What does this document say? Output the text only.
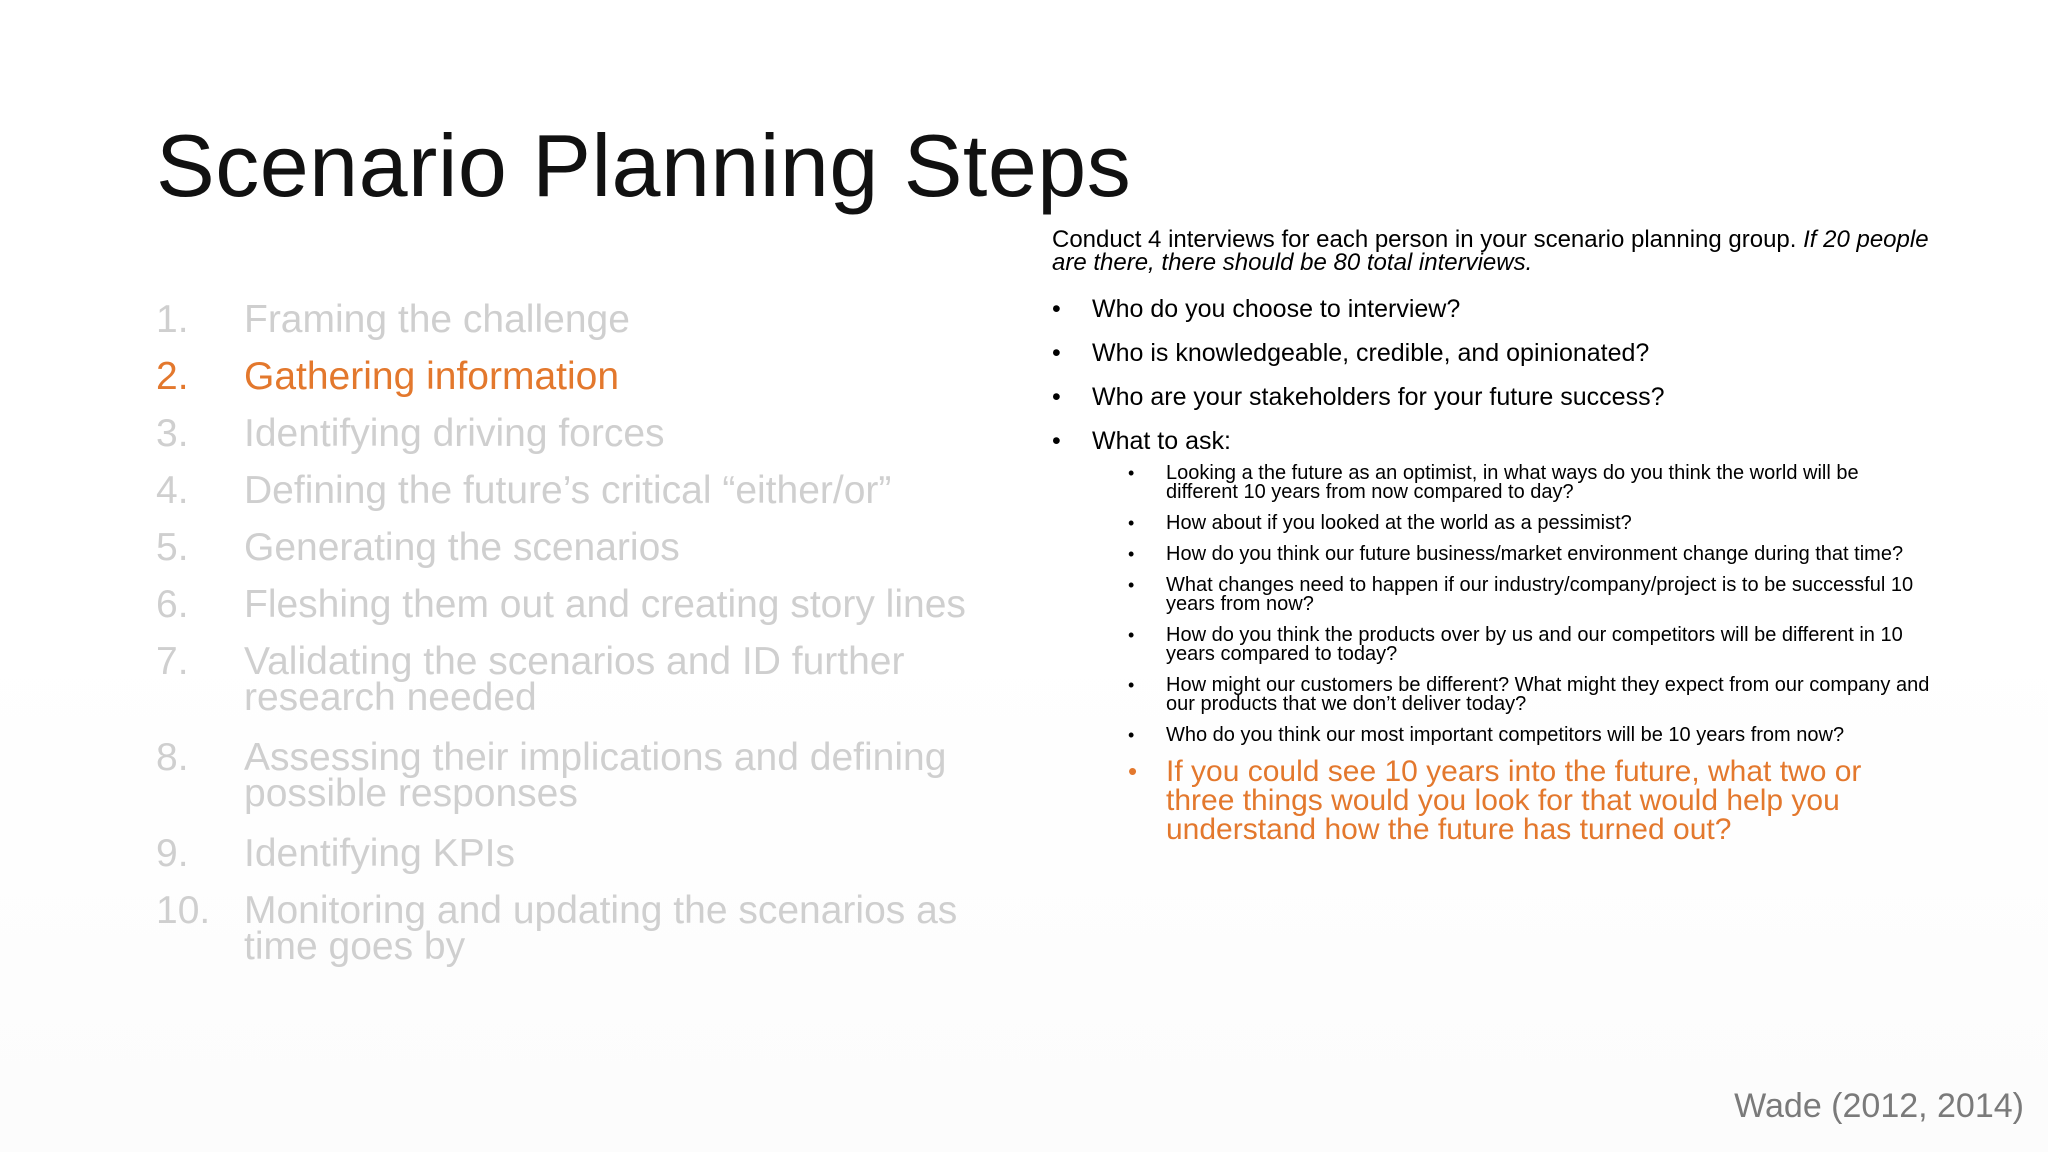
Scenario Planning Steps
1.	Framing the challenge
2.	Gathering information
3.	Identifying driving forces
4.	Defining the future’s critical “either/or”
5.	Generating the scenarios
6.	Fleshing them out and creating story lines
7.	Validating the scenarios and ID further research needed
8.	Assessing their implications and defining possible responses
9.	Identifying KPIs
10. Monitoring and updating the scenarios as time goes by

Conduct 4 interviews for each person in your scenario planning group. If 20 people are there, there should be 80 total interviews.

•	Who do you choose to interview?
•	Who is knowledgeable, credible, and opinionated?
•	Who are your stakeholders for your future success?
•	What to ask:
•	Looking a the future as an optimist, in what ways do you think the world will be different 10 years from now compared to day?
•	How about if you looked at the world as a pessimist?
•	How do you think our future business/market environment change during that time?
•	What changes need to happen if our industry/company/project is to be successful 10 years from now?
•	How do you think the products over by us and our competitors will be different in 10 years compared to today?
•	How might our customers be different? What might they expect from our company and our products that we don’t deliver today?
•	Who do you think our most important competitors will be 10 years from now?
• If you could see 10 years into the future, what two or three things would you look for that would help you understand how the future has turned out?
Wade (2012, 2014)
